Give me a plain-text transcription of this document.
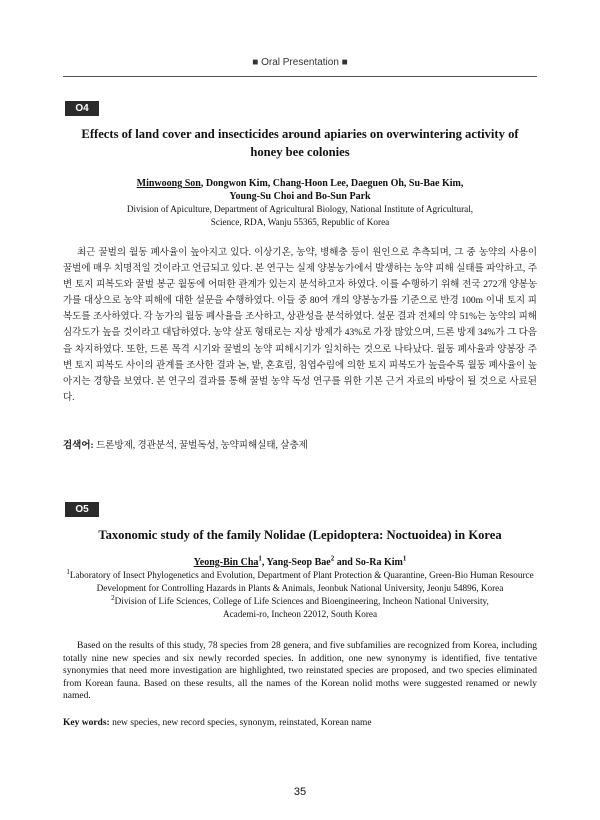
■ Oral Presentation ■
O4
Effects of land cover and insecticides around apiaries on overwintering activity of
honey bee colonies
Minwoong Son, Dongwon Kim, Chang-Hoon Lee, Daeguen Oh, Su-Bae Kim,
Young-Su Choi and Bo-Sun Park
Division of Apiculture, Department of Agricultural Biology, National Institute of Agricultural,
Science, RDA, Wanju 55365, Republic of Korea
최근 꿀벌의 월동 폐사율이 높아지고 있다. 이상기온, 농약, 병해충 등이 원인으로 추측되며, 그 중 농약의 사용이 꿀벌에 매우 치명적일 것이라고 언급되고 있다. 본 연구는 실제 양봉농가에서 발생하는 농약 피해 실태를 파악하고, 주변 토지 피복도와 꿀벌 봉군 월동에 어떠한 관계가 있는지 분석하고자 하였다. 이를 수행하기 위해 전국 272개 양봉농가를 대상으로 농약 피해에 대한 설문을 수행하였다. 이들 중 80여 개의 양봉농가를 기준으로 반경 100m 이내 토지 피복도를 조사하였다. 각 농가의 월동 폐사율을 조사하고, 상관성을 분석하였다. 설문 결과 전체의 약 51%는 농약의 피해 심각도가 높을 것이라고 대답하였다. 농약 살포 형태로는 지상 방제가 43%로 가장 많았으며, 드론 방제 34%가 그 다음을 차지하였다. 또한, 드론 목격 시기와 꿀벌의 농약 피해시기가 일치하는 것으로 나타났다. 월동 폐사율과 양봉장 주변 토지 피복도 사이의 관계를 조사한 결과 논, 밭, 혼효림, 침엽수림에 의한 토지 피복도가 높을수록 월동 폐사율이 높아지는 경향을 보였다. 본 연구의 결과를 통해 꿀벌 농약 독성 연구를 위한 기본 근거 자료의 바탕이 될 것으로 사료된다.
검색어: 드론방제, 경관분석, 꿀벌독성, 농약피해실태, 살충제
O5
Taxonomic study of the family Nolidae (Lepidoptera: Noctuoidea) in Korea
Yeong-Bin Cha$^1$, Yang-Seop Bae$^2$ and So-Ra Kim$^1$
$^1$Laboratory of Insect Phylogenetics and Evolution, Department of Plant Protection & Quarantine, Green-Bio Human Resource
Development for Controlling Hazards in Plants & Animals, Jeonbuk National University, Jeonju 54896, Korea
$^2$Division of Life Sciences, College of Life Sciences and Bioengineering, Incheon National University,
Academi-ro, Incheon 22012, South Korea
Based on the results of this study, 78 species from 28 genera, and five subfamilies are recognized from Korea, including totally nine new species and six newly recorded species. In addition, one new synonymy is identified, five tentative synonymies that need more investigation are highlighted, two reinstated species are proposed, and two species eliminated from Korean fauna. Based on these results, all the names of the Korean nolid moths were suggested renamed or newly named.
Key words: new species, new record species, synonym, reinstated, Korean name
35
